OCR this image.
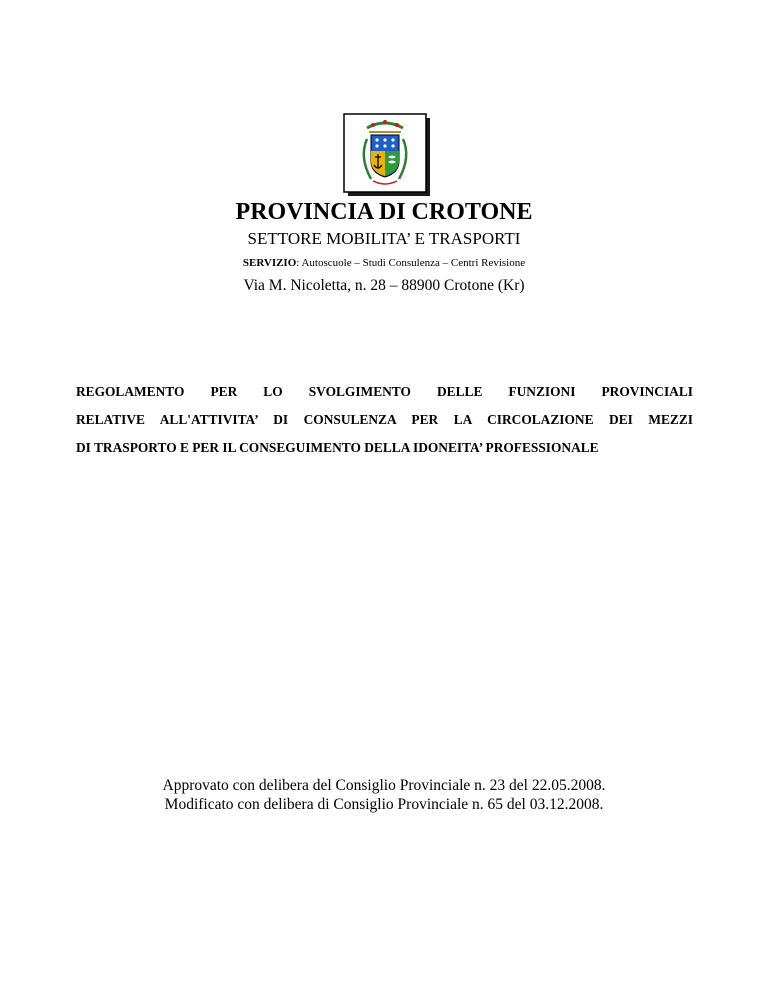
PROVINCIA DI CROTONE
SETTORE MOBILITA’ E TRASPORTI
SERVIZIO: Autoscuole – Studi Consulenza – Centri Revisione
Via M. Nicoletta, n. 28 – 88900 Crotone (Kr)
REGOLAMENTO PER LO SVOLGIMENTO DELLE FUNZIONI PROVINCIALI
RELATIVE ALL'ATTIVITA’ DI CONSULENZA PER LA CIRCOLAZIONE DEI MEZZI
DI TRASPORTO E PER IL CONSEGUIMENTO DELLA IDONEITA’ PROFESSIONALE
Approvato con delibera del Consiglio Provinciale n. 23 del 22.05.2008.
Modificato con delibera di Consiglio Provinciale n. 65 del 03.12.2008.
